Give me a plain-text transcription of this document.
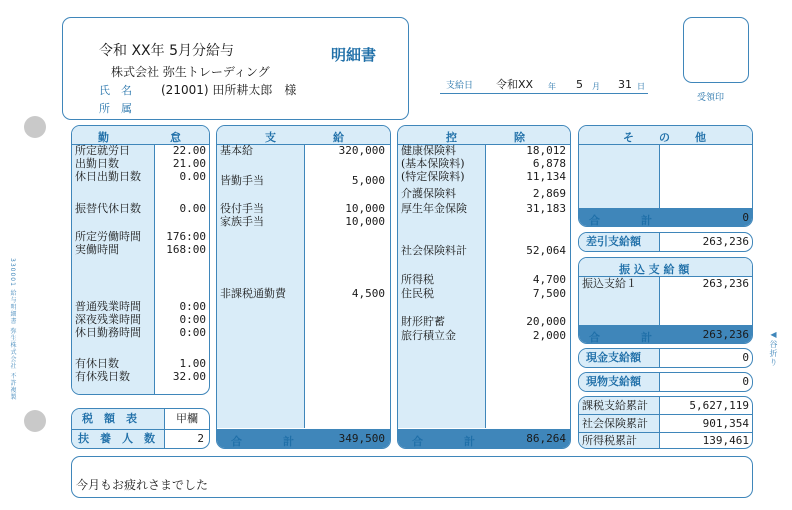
330001 給与明細書 弥生株式会社 不許複製	◀谷折り
令和 XX年 5月分給与	明細書
株式会社 弥生トレーディング
氏　名 (21001) 田所耕太郎　様
所　属
支給日 令和XX 年 5 月 31 日
受領印
勤	怠
所定就労日	22.00
出勤日数	21.00
休日出勤日数	0.00
振替代休日数	0.00
所定労働時間	176:00
実働時間	168:00
普通残業時間	0:00
深夜残業時間	0:00
休日勤務時間	0:00
有休日数	1.00
有休残日数	32.00
税　額　表	甲欄
扶　養　人　数	2
支	給
基本給	320,000
皆勤手当	5,000
役付手当	10,000
家族手当	10,000
非課税通勤費	4,500
合	計	349,500
控	除
健康保険料	18,012
(基本保険料)	6,878
(特定保険料)	11,134
介護保険料	2,869
厚生年金保険	31,183
社会保険料計	52,064
所得税	4,700
住民税	7,500
財形貯蓄	20,000
旅行積立金	2,000
合	計	86,264
そ の 他
合	計	0
差引支給額	263,236
振 込 支 給 額
振込支給１	263,236
合	計	263,236
現金支給額	0
現物支給額	0
課税支給累計	5,627,119
社会保険累計	901,354
所得税累計	139,461
今月もお疲れさまでした
